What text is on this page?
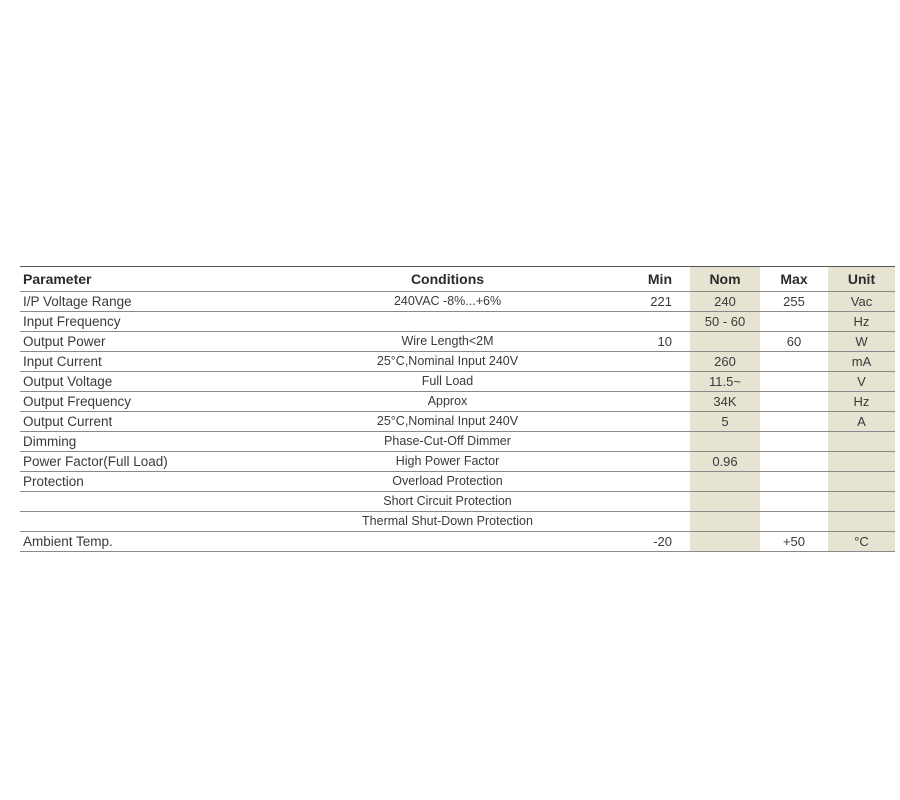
Parameter	Conditions	Min	Nom	Max	Unit
I/P Voltage Range	240VAC -8%...+6%	221	240	255	Vac
Input Frequency			50 - 60		Hz
Output Power	Wire Length<2M	10		60	W
Input Current	25°C,Nominal Input 240V		260		mA
Output Voltage	Full Load		11.5~		V
Output Frequency	Approx		34K		Hz
Output Current	25°C,Nominal Input 240V		5		A
Dimming	Phase-Cut-Off Dimmer				
Power Factor(Full Load)	High Power Factor		0.96		
Protection	Overload Protection				
	Short Circuit Protection				
	Thermal Shut-Down Protection				
Ambient Temp.		-20		+50	°C
